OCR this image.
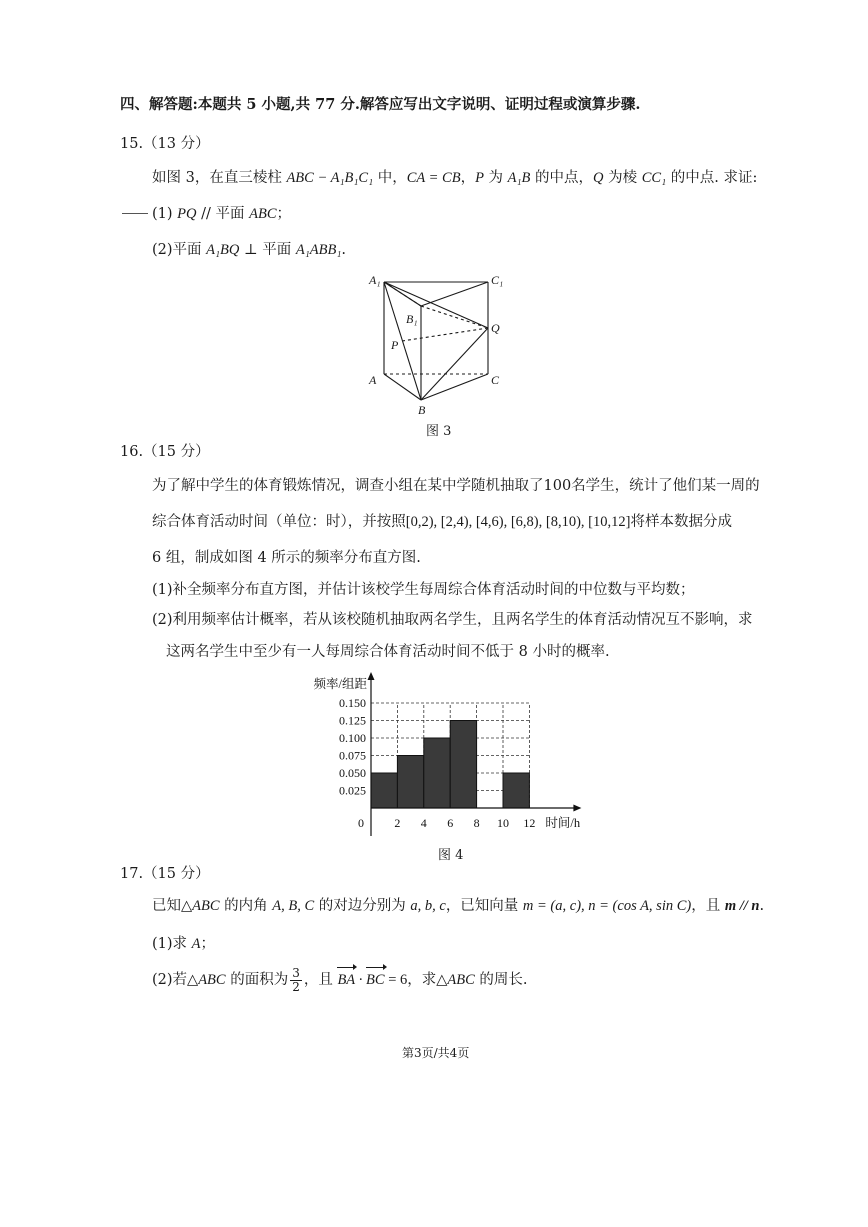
四、解答题:本题共 5 小题,共 77 分.解答应写出文字说明、证明过程或演算步骤.
15.（13 分）
如图 3，在直三棱柱 ABC − A₁B₁C₁ 中，CA = CB，P 为 A₁B 的中点，Q 为棱 CC₁ 的中点. 求证:
(1) PQ // 平面 ABC；
(2)平面 A₁BQ ⊥ 平面 A₁ABB₁.
A₁	C₁
B₁
Q
P
A	C
B
图 3
16.（15 分）
为了解中学生的体育锻炼情况，调查小组在某中学随机抽取了100名学生，统计了他们某一周的
综合体育活动时间（单位：时），并按照[0,2), [2,4), [4,6), [6,8), [8,10), [10,12]将样本数据分成
6 组，制成如图 4 所示的频率分布直方图.
(1)补全频率分布直方图，并估计该校学生每周综合体育活动时间的中位数与平均数；
(2)利用频率估计概率，若从该校随机抽取两名学生，且两名学生的体育活动情况互不影响，求
这两名学生中至少有一人每周综合体育活动时间不低于 8 小时的概率.
0.150
0.125
0.100
0.075
0.050
0.025
2 4 6 8 10 12
0
频率/组距
时间/h
图 4
17.（15 分）
已知△ABC 的内角 A, B, C 的对边分别为 a, b, c，已知向量 m = (a, c), n = (cos A, sin C)，且 m // n.
(1)求 A；
(2)若△ABC 的面积为 $\frac{3}{2}$ ，且 BA · BC = 6，求△ABC 的周长.
第3页/共4页
